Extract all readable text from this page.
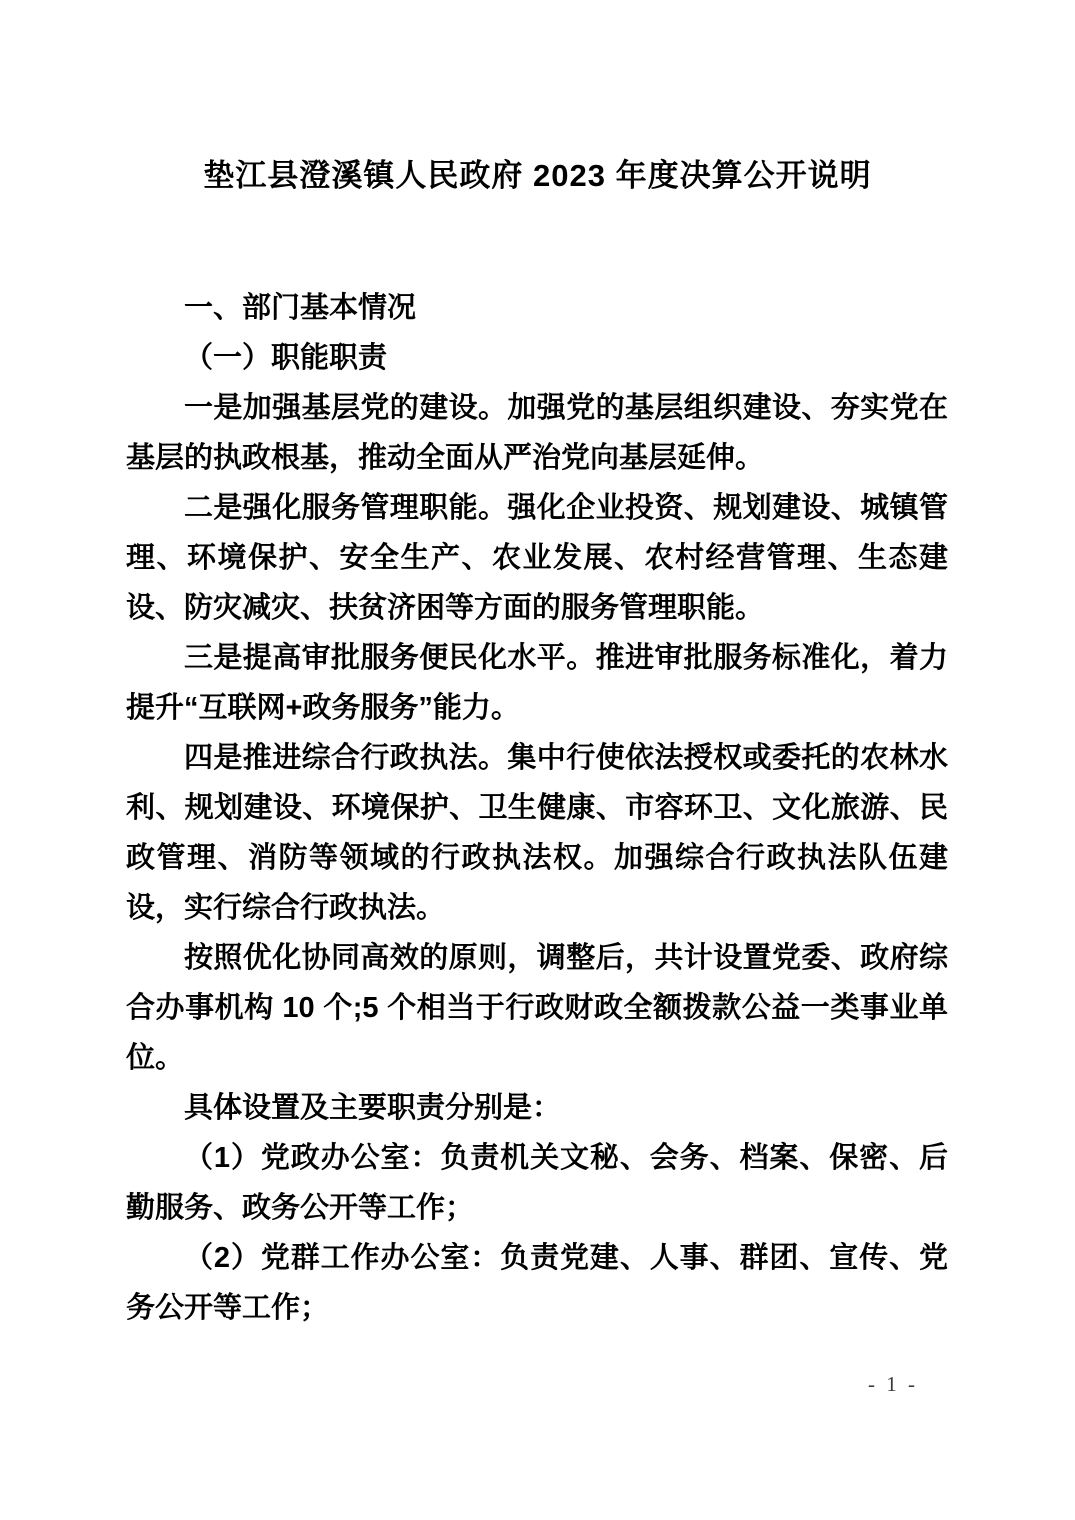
垫江县澄溪镇人民政府 2023 年度决算公开说明

一、部门基本情况

（一）职能职责

一是加强基层党的建设。加强党的基层组织建设、夯实党在基层的执政根基，推动全面从严治党向基层延伸。

二是强化服务管理职能。强化企业投资、规划建设、城镇管理、环境保护、安全生产、农业发展、农村经营管理、生态建设、防灾减灾、扶贫济困等方面的服务管理职能。

三是提高审批服务便民化水平。推进审批服务标准化，着力提升“互联网+政务服务”能力。

四是推进综合行政执法。集中行使依法授权或委托的农林水利、规划建设、环境保护、卫生健康、市容环卫、文化旅游、民政管理、消防等领域的行政执法权。加强综合行政执法队伍建设，实行综合行政执法。

按照优化协同高效的原则，调整后，共计设置党委、政府综合办事机构 10 个;5 个相当于行政财政全额拨款公益一类事业单位。

具体设置及主要职责分别是：

（1）党政办公室：负责机关文秘、会务、档案、保密、后勤服务、政务公开等工作；

（2）党群工作办公室：负责党建、人事、群团、宣传、党务公开等工作；

- 1 -
